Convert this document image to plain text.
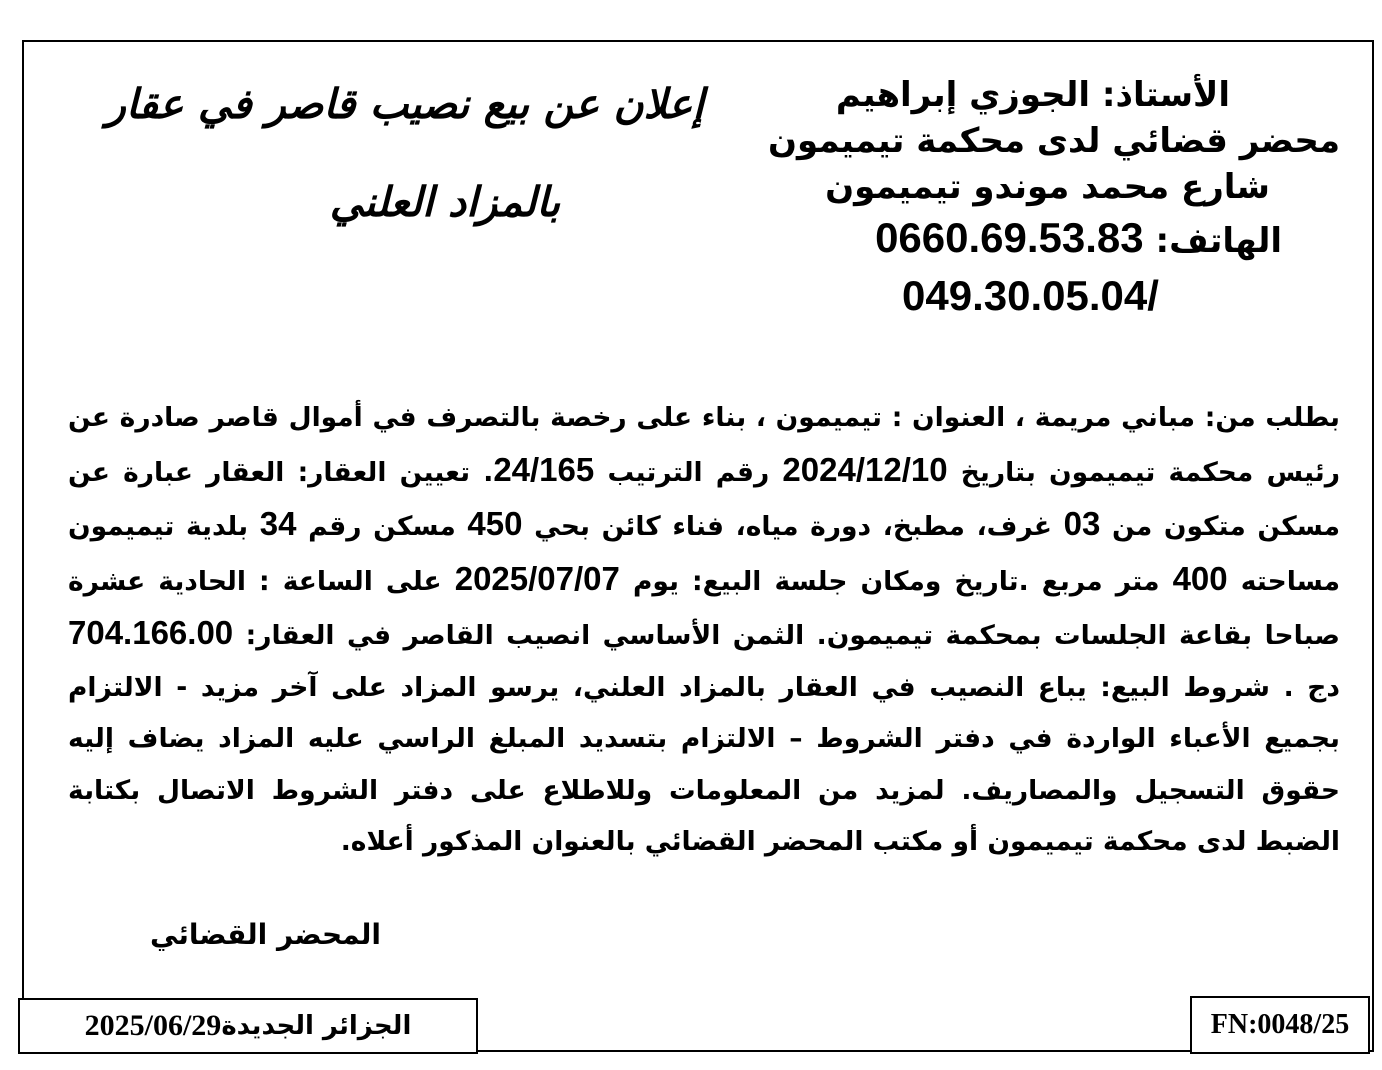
الأستاذ: الجوزي إبراهيم
محضر قضائي لدى محكمة تيميمون
شارع محمد موندو تيميمون
الهاتف: 0660.69.53.83
049.30.05.04/
إعلان عن بيع نصيب قاصر في عقار
بالمزاد العلني
بطلب من: مباني مريمة ، العنوان : تيميمون ، بناء على رخصة بالتصرف في أموال قاصر صادرة عن رئيس محكمة تيميمون بتاريخ 2024/12/10 رقم الترتيب 24/165. تعيين العقار: العقار عبارة عن مسكن متكون من 03 غرف، مطبخ، دورة مياه، فناء كائن بحي 450 مسكن رقم 34 بلدية تيميمون مساحته 400 متر مربع .تاريخ ومكان جلسة البيع: يوم 2025/07/07 على الساعة : الحادية عشرة صباحا بقاعة الجلسات بمحكمة تيميمون. الثمن الأساسي انصيب القاصر في العقار: 704.166.00 دج . شروط البيع: يباع النصيب في العقار بالمزاد العلني، يرسو المزاد على آخر مزيد - الالتزام بجميع الأعباء الواردة في دفتر الشروط – الالتزام بتسديد المبلغ الراسي عليه المزاد يضاف إليه حقوق التسجيل والمصاريف. لمزيد من المعلومات وللاطلاع على دفتر الشروط الاتصال بكتابة الضبط لدى محكمة تيميمون أو مكتب المحضر القضائي بالعنوان المذكور أعلاه.
المحضر القضائي
الجزائر الجديدة
2025/06/29	FN:0048/25
